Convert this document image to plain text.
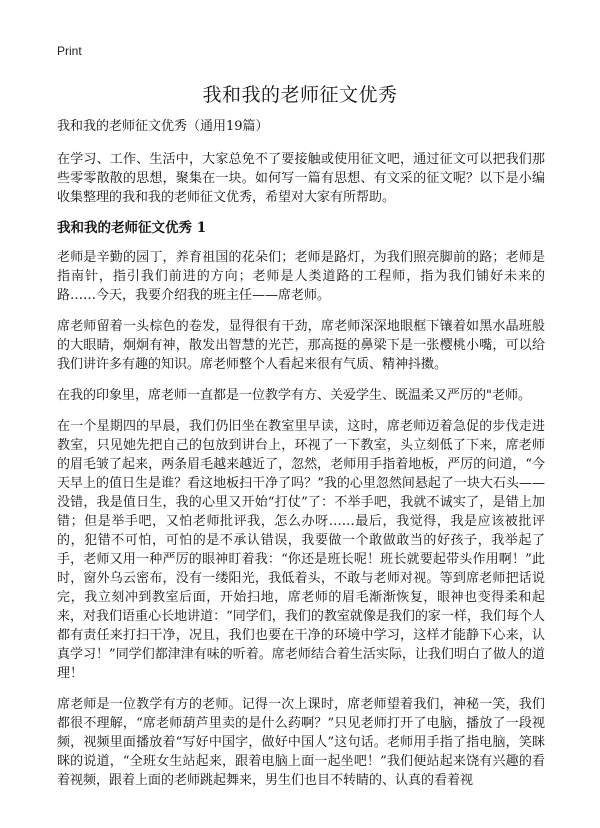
Print
我和我的老师征文优秀

我和我的老师征文优秀（通用19篇）

在学习、工作、生活中，大家总免不了要接触或使用征文吧，通过征文可以把我们那些零零散散的思想，聚集在一块。如何写一篇有思想、有文采的征文呢？以下是小编收集整理的我和我的老师征文优秀，希望对大家有所帮助。

我和我的老师征文优秀 1

老师是辛勤的园丁，养育祖国的花朵们；老师是路灯，为我们照亮脚前的路；老师是指南针，指引我们前进的方向；老师是人类道路的工程师，指为我们铺好未来的路……今天，我要介绍我的班主任——席老师。

席老师留着一头棕色的卷发，显得很有干劲，席老师深深地眼框下镶着如黑水晶班般的大眼睛，炯炯有神，散发出智慧的光芒，那高挺的鼻梁下是一张樱桃小嘴，可以给我们讲许多有趣的知识。席老师整个人看起来很有气质、精神抖擞。

在我的印象里，席老师一直都是一位教学有方、关爱学生、既温柔又严厉的"老师。

在一个星期四的早晨，我们仍旧坐在教室里早读，这时，席老师迈着急促的步伐走进教室，只见她先把自己的包放到讲台上，环视了一下教室，头立刻低了下来，席老师的眉毛皱了起来，两条眉毛越来越近了，忽然，老师用手指着地板，严厉的问道，“今天早上的值日生是谁？看这地板扫干净了吗？”我的心里忽然间悬起了一块大石头——没错，我是值日生，我的心里又开始“打仗”了：不举手吧，我就不诚实了，是错上加错；但是举手吧，又怕老师批评我，怎么办呀……最后，我觉得，我是应该被批评的，犯错不可怕，可怕的是不承认错误，我要做一个敢做敢当的好孩子，我举起了手，老师又用一种严厉的眼神盯着我：“你还是班长呢！班长就要起带头作用啊！”此时，窗外乌云密布，没有一缕阳光，我低着头，不敢与老师对视。等到席老师把话说完，我立刻冲到教室后面，开始扫地，席老师的眉毛渐渐恢复，眼神也变得柔和起来，对我们语重心长地讲道：“同学们，我们的教室就像是我们的家一样，我们每个人都有责任来打扫干净，况且，我们也要在干净的环境中学习，这样才能静下心来，认真学习！”同学们都津津有味的听着。席老师结合着生活实际，让我们明白了做人的道理！

席老师是一位教学有方的老师。记得一次上课时，席老师望着我们，神秘一笑，我们都很不理解，“席老师葫芦里卖的是什么药啊？”只见老师打开了电脑，播放了一段视频，视频里面播放着“写好中国字，做好中国人”这句话。老师用手指了指电脑，笑眯眯的说道，“全班女生站起来，跟着电脑上面一起坐吧！”我们便站起来饶有兴趣的看着视频，跟着上面的老师跳起舞来，男生们也目不转睛的、认真的看着视
